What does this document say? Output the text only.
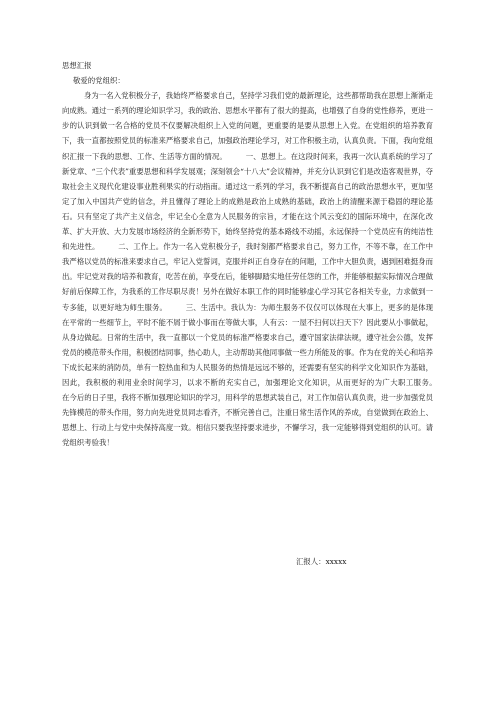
思想汇报

敬爱的党组织：

身为一名入党积极分子，我始终严格要求自己，坚持学习我们党的最新理论，这些都帮助我在思想上渐渐走向成熟。通过一系列的理论知识学习，我的政治、思想水平都有了很大的提高，也增强了自身的党性修养，更进一步的认识到做一名合格的党员不仅要解决组织上入党的问题，更重要的是要从思想上入党。在党组织的培养教育下，我一直都按照党员的标准来严格要求自己，加强政治理论学习，对工作积极主动，认真负责。下面，我向党组织汇报一下我的思想、工作、生活等方面的情况。　　　一、思想上。在这段时间来，我再一次认真系统的学习了新党章、“三个代表”重要思想和科学发展观；深刻领会“十八大”会议精神，并充分认识到它们是改造客观世界，夺取社会主义现代化建设事业胜利果实的行动指南。通过这一系列的学习，我不断提高自己的政治思想水平，更加坚定了加入中国共产党的信念，并且懂得了理论上的成熟是政治上成熟的基础，政治上的清醒来源于稳固的理论基石。只有坚定了共产主义信念，牢记全心全意为人民服务的宗旨，才能在这个风云变幻的国际环境中，在深化改革、扩大开放、大力发展市场经济的全新形势下，始终坚持党的基本路线不动摇，永远保持一个党员应有的纯洁性和先进性。　　　二、工作上。作为一名入党积极分子，我时刻都严格要求自己，努力工作，不等不靠，在工作中我严格以党员的标准来要求自己，牢记入党誓词，克服并纠正自身存在的问题，工作中大胆负责，遇到困难挺身而出。牢记党对我的培养和教育，吃苦在前，享受在后，能够脚踏实地任劳任怨的工作，并能够根据实际情况合理做好前后保障工作，为我系的工作尽职尽责！另外在做好本职工作的同时能够虚心学习其它各相关专业，力求做到一专多能，以更好地为师生服务。　　　三、生活中。我认为：为师生服务不仅仅可以体现在大事上，更多的是体现在平常的一些细节上，平时不能不屑于做小事而在等做大事，人有云：一屋不扫何以扫天下？因此要从小事做起，从身边做起。日常的生活中，我一直都以一个党员的标准严格要求自己，遵守国家法律法规，遵守社会公德，发挥党员的模范带头作用，积极团结同事，热心助人，主动帮助其他同事做一些力所能及的事。作为在党的关心和培养下成长起来的消防员，单有一腔热血和为人民服务的热情是远远不够的，还需要有坚实的科学文化知识作为基础，因此，我积极的利用业余时间学习，以求不断的充实自己，加强理论文化知识，从而更好的为广大职工服务。　　　在今后的日子里，我将不断加强理论知识的学习，用科学的思想武装自己，对工作加倍认真负责，进一步加强党员先锋模范的带头作用，努力向先进党员同志看齐，不断完善自己，注重日常生活作风的养成，自觉做到在政治上、思想上、行动上与党中央保持高度一致。相信只要我坚持要求进步，不懈学习，我一定能够得到党组织的认可。请党组织考验我！

汇报人：xxxxx
